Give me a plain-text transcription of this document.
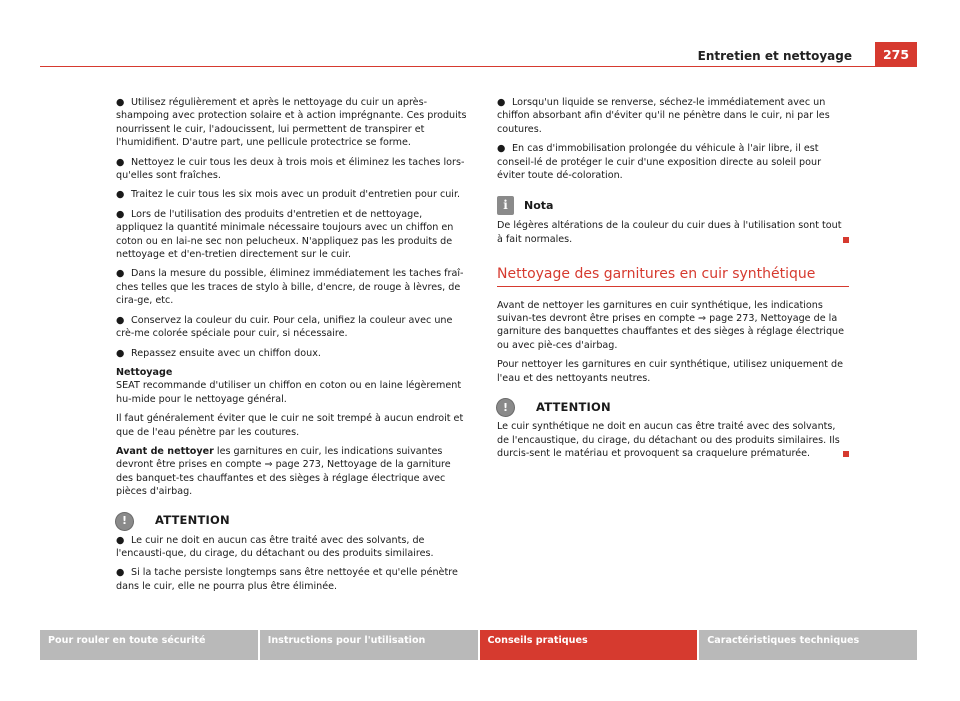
Entretien et nettoyage	275
● Utilisez régulièrement et après le nettoyage du cuir un après-shampoing avec protection solaire et à action imprégnante. Ces produits nourrissent le cuir, l'adoucissent, lui permettent de transpirer et l'humidifient. D'autre part, une pellicule protectrice se forme.
● Nettoyez le cuir tous les deux à trois mois et éliminez les taches lors-qu'elles sont fraîches.
● Traitez le cuir tous les six mois avec un produit d'entretien pour cuir.
● Lors de l'utilisation des produits d'entretien et de nettoyage, appliquez la quantité minimale nécessaire toujours avec un chiffon en coton ou en lai-ne sec non pelucheux. N'appliquez pas les produits de nettoyage et d'en-tretien directement sur le cuir.
● Dans la mesure du possible, éliminez immédiatement les taches fraî-ches telles que les traces de stylo à bille, d'encre, de rouge à lèvres, de cira-ge, etc.
● Conservez la couleur du cuir. Pour cela, unifiez la couleur avec une crè-me colorée spéciale pour cuir, si nécessaire.
● Repassez ensuite avec un chiffon doux.

Nettoyage

SEAT recommande d'utiliser un chiffon en coton ou en laine légèrement hu-mide pour le nettoyage général.

Il faut généralement éviter que le cuir ne soit trempé à aucun endroit et que de l'eau pénètre par les coutures.

Avant de nettoyer les garnitures en cuir, les indications suivantes devront être prises en compte ⇒ page 273, Nettoyage de la garniture des banquet-tes chauffantes et des sièges à réglage électrique avec pièces d'airbag.

!	ATTENTION
● Le cuir ne doit en aucun cas être traité avec des solvants, de l'encausti-que, du cirage, du détachant ou des produits similaires.
● Si la tache persiste longtemps sans être nettoyée et qu'elle pénètre dans le cuir, elle ne pourra plus être éliminée.
● Lorsqu'un liquide se renverse, séchez-le immédiatement avec un chiffon absorbant afin d'éviter qu'il ne pénètre dans le cuir, ni par les coutures.
● En cas d'immobilisation prolongée du véhicule à l'air libre, il est conseil-lé de protéger le cuir d'une exposition directe au soleil pour éviter toute dé-coloration.
i	Nota

De légères altérations de la couleur du cuir dues à l'utilisation sont tout à fait normales.

Nettoyage des garnitures en cuir synthétique

Avant de nettoyer les garnitures en cuir synthétique, les indications suivan-tes devront être prises en compte ⇒ page 273, Nettoyage de la garniture des banquettes chauffantes et des sièges à réglage électrique ou avec piè-ces d'airbag.

Pour nettoyer les garnitures en cuir synthétique, utilisez uniquement de l'eau et des nettoyants neutres.

!	ATTENTION

Le cuir synthétique ne doit en aucun cas être traité avec des solvants, de l'encaustique, du cirage, du détachant ou des produits similaires. Ils durcis-sent le matériau et provoquent sa craquelure prématurée.

Pour rouler en toute sécurité	Instructions pour l'utilisation	Conseils pratiques	Caractéristiques techniques
